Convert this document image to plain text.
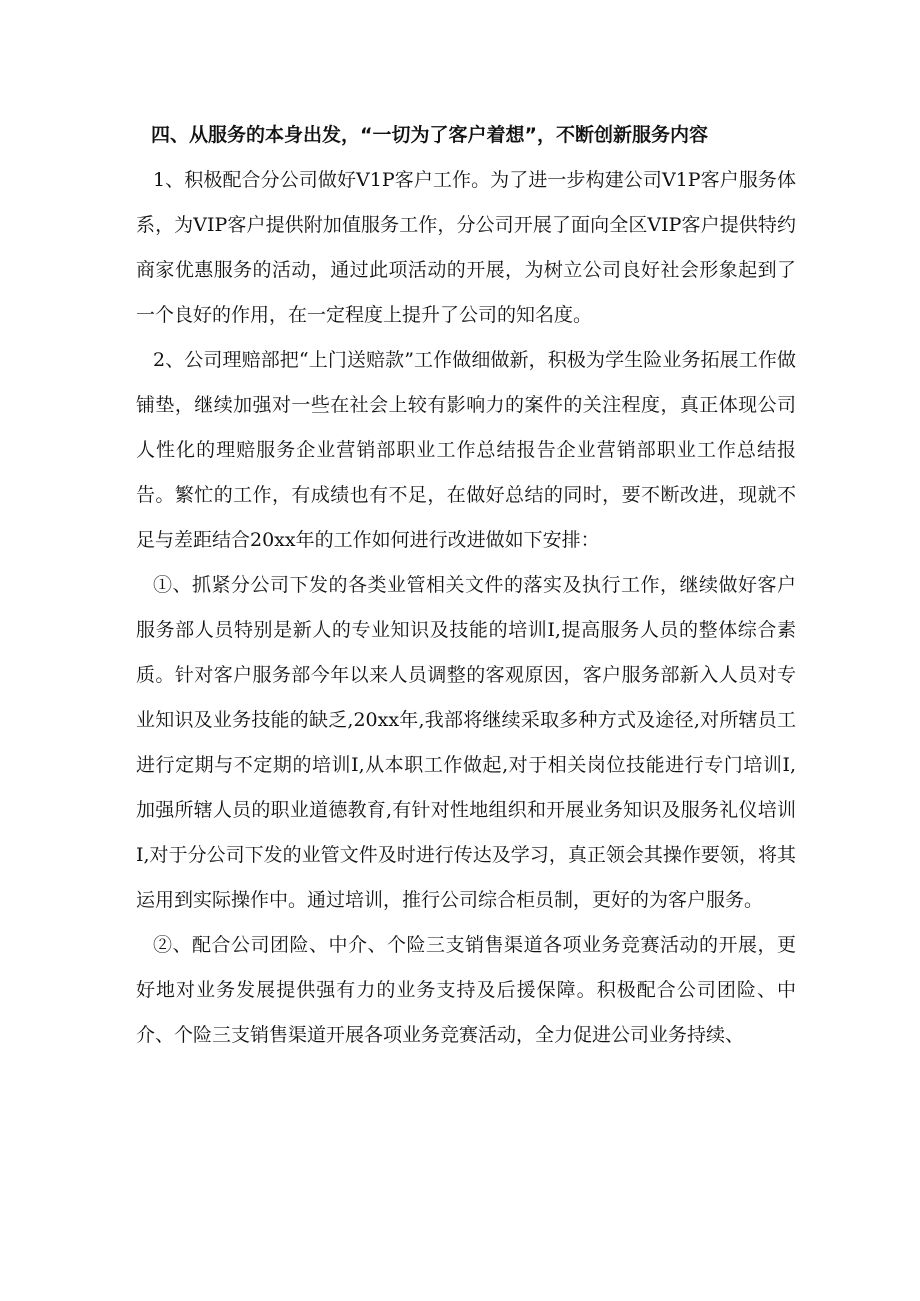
四、从服务的本身出发，“一切为了客户着想”，不断创新服务内容

1、积极配合分公司做好V1P客户工作。为了进一步构建公司V1P客户服务体系，为VIP客户提供附加值服务工作，分公司开展了面向全区VIP客户提供特约商家优惠服务的活动，通过此项活动的开展，为树立公司良好社会形象起到了一个良好的作用，在一定程度上提升了公司的知名度。

2、公司理赔部把“上门送赔款”工作做细做新，积极为学生险业务拓展工作做铺垫，继续加强对一些在社会上较有影响力的案件的关注程度，真正体现公司人性化的理赔服务企业营销部职业工作总结报告企业营销部职业工作总结报告。繁忙的工作，有成绩也有不足，在做好总结的同时，要不断改进，现就不足与差距结合20xx年的工作如何进行改进做如下安排：

①、抓紧分公司下发的各类业管相关文件的落实及执行工作，继续做好客户服务部人员特别是新人的专业知识及技能的培训I,提高服务人员的整体综合素质。针对客户服务部今年以来人员调整的客观原因，客户服务部新入人员对专业知识及业务技能的缺乏,20xx年,我部将继续采取多种方式及途径,对所辖员工进行定期与不定期的培训I,从本职工作做起,对于相关岗位技能进行专门培训I,加强所辖人员的职业道德教育,有针对性地组织和开展业务知识及服务礼仪培训I,对于分公司下发的业管文件及时进行传达及学习，真正领会其操作要领，将其运用到实际操作中。通过培训，推行公司综合柜员制，更好的为客户服务。

②、配合公司团险、中介、个险三支销售渠道各项业务竞赛活动的开展，更好地对业务发展提供强有力的业务支持及后援保障。积极配合公司团险、中介、个险三支销售渠道开展各项业务竞赛活动，全力促进公司业务持续、
